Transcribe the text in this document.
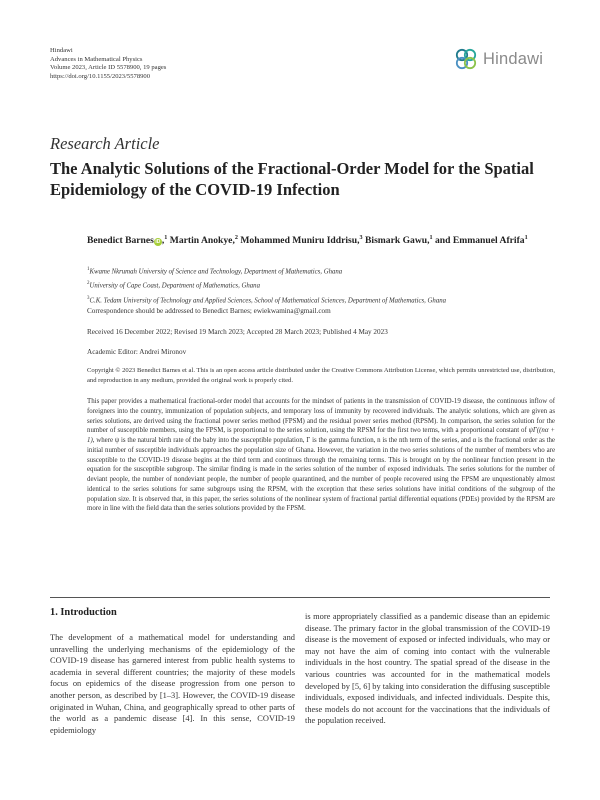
Hindawi
Advances in Mathematical Physics
Volume 2023, Article ID 5578900, 19 pages
https://doi.org/10.1155/2023/5578900
Hindawi
Research Article
The Analytic Solutions of the Fractional-Order Model for the Spatial Epidemiology of the COVID-19 Infection
Benedict Barnes iD ,$^1$ Martin Anokye,$^2$ Mohammed Muniru Iddrisu,$^3$ Bismark Gawu,$^1$ and Emmanuel Afrifa$^1$
$^1$Kwame Nkrumah University of Science and Technology, Department of Mathematics, Ghana
$^2$University of Cape Coast, Department of Mathematics, Ghana
$^3$C.K. Tedam University of Technology and Applied Sciences, School of Mathematical Sciences, Department of Mathematics, Ghana
Correspondence should be addressed to Benedict Barnes; ewiekwamina@gmail.com
Received 16 December 2022; Revised 19 March 2023; Accepted 28 March 2023; Published 4 May 2023
Academic Editor: Andrei Mironov
Copyright © 2023 Benedict Barnes et al. This is an open access article distributed under the Creative Commons Attribution License, which permits unrestricted use, distribution, and reproduction in any medium, provided the original work is properly cited.
This paper provides a mathematical fractional-order model that accounts for the mindset of patients in the transmission of COVID-19 disease, the continuous inflow of foreigners into the country, immunization of population subjects, and temporary loss of immunity by recovered individuals. The analytic solutions, which are given as series solutions, are derived using the fractional power series method (FPSM) and the residual power series method (RPSM). In comparison, the series solution for the number of susceptible members, using the FPSM, is proportional to the series solution, using the RPSM for the first two terms, with a proportional constant of ψΓ((nα + 1), where ψ is the natural birth rate of the baby into the susceptible population, Γ is the gamma function, n is the nth term of the series, and α is the fractional order as the initial number of susceptible individuals approaches the population size of Ghana. However, the variation in the two series solutions of the number of members who are susceptible to the COVID-19 disease begins at the third term and continues through the remaining terms. This is brought on by the nonlinear function present in the equation for the susceptible subgroup. The similar finding is made in the series solution of the number of exposed individuals. The series solutions for the number of deviant people, the number of nondeviant people, the number of people quarantined, and the number of people recovered using the FPSM are unquestionably almost identical to the series solutions for same subgroups using the RPSM, with the exception that these series solutions have initial conditions of the subgroup of the population size. It is observed that, in this paper, the series solutions of the nonlinear system of fractional partial differential equations (PDEs) provided by the RPSM are more in line with the field data than the series solutions provided by the FPSM.
1. Introduction
The development of a mathematical model for understanding and unravelling the underlying mechanisms of the epidemiology of the COVID-19 disease has garnered interest from public health systems to academia in several different countries; the majority of these models focus on epidemics of the disease progression from one person to another person, as described by [1–3]. However, the COVID-19 disease originated in Wuhan, China, and geographically spread to other parts of the world as a pandemic disease [4]. In this sense, COVID-19 epidemiology
is more appropriately classified as a pandemic disease than an epidemic disease. The primary factor in the global transmission of the COVID-19 disease is the movement of exposed or infected individuals, who may or may not have the aim of coming into contact with the vulnerable individuals in the host country. The spatial spread of the disease in the various countries was accounted for in the mathematical models developed by [5, 6] by taking into consideration the diffusing susceptible individuals, exposed individuals, and infected individuals. Despite this, these models do not account for the vaccinations that the individuals of the population received.
